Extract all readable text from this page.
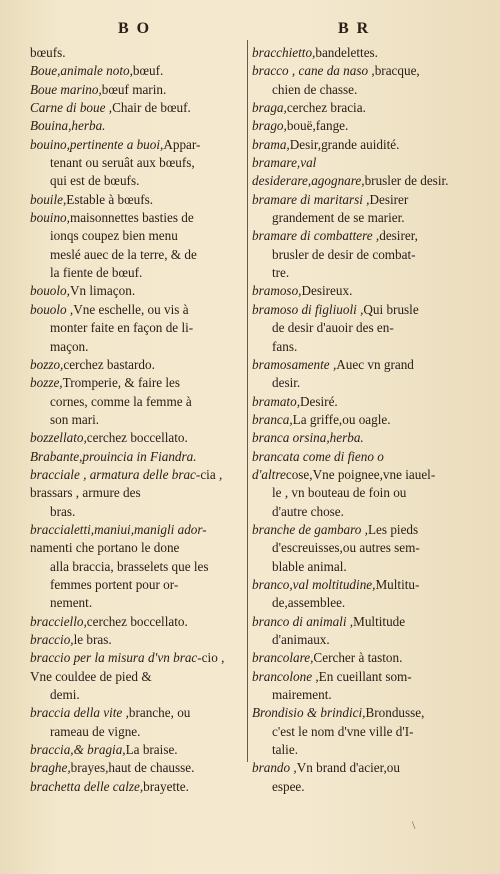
BO	BR
bœufs.
Boue,animale noto,bœuf.
Boue marino,bœuf marin.
Carne di boue ,Chair de bœuf.
Bouina,herba.
bouino,pertinente a buoi,Appar-
tenant ou seruât aux bœufs,
qui est de bœufs.
bouile,Estable à bœufs.
bouino,maisonnettes basties de
ionqs coupez bien menu
meslé auec de la terre, & de
la fiente de bœuf.
bouolo,Vn limaçon.
bouolo ,Vne eschelle, ou vis à
monter faite en façon de li-
maçon.
bozzo,cerchez bastardo.
bozze,Tromperie, & faire les
cornes, comme la femme à
son mari.
bozzellato,cerchez boccellato.
Brabante,prouincia in Fiandra.
bracciale , armatura delle brac-cia , brassars , armure des
bras.
braccialetti,maniui,manigli ador-namenti che portano le done
alla braccia, brasselets que les
femmes portent pour or-
nement.
bracciello,cerchez boccellato.
braccio,le bras.
braccio per la misura d'vn brac-cio , Vne couldee de pied &
demi.
braccia della vite ,branche, ou
rameau de vigne.
braccia,& bragia,La braise.
braghe,brayes,haut de chausse.
brachetta delle calze,brayette.
bracchietto,bandelettes.
bracco , cane da naso ,bracque,
chien de chasse.
braga,cerchez bracia.
brago,bouë,fange.
brama,Desir,grande auidité.
bramare,val desiderare,agognare,brusler de desir.
bramare di maritarsi ,Desirer
grandement de se marier.
bramare di combattere ,desirer,
brusler de desir de combat-
tre.
bramoso,Desireux.
bramoso di figliuoli ,Qui brusle
de desir d'auoir des en-
fans.
bramosamente ,Auec vn grand
desir.
bramato,Desiré.
branca,La griffe,ou oagle.
branca orsina,herba.
brancata come di fieno o d'altrecose,Vne poignee,vne iauel-
le , vn bouteau de foin ou
d'autre chose.
branche de gambaro ,Les pieds
d'escreuisses,ou autres sem-
blable animal.
branco,val moltitudine,Multitu-
de,assemblee.
branco di animali ,Multitude
d'animaux.
brancolare,Cercher à taston.
brancolone ,En cueillant som-
mairement.
Brondisio & brindici,Brondusse,
c'est le nom d'vne ville d'I-
talie.
brando ,Vn brand d'acier,ou
espee.
\
